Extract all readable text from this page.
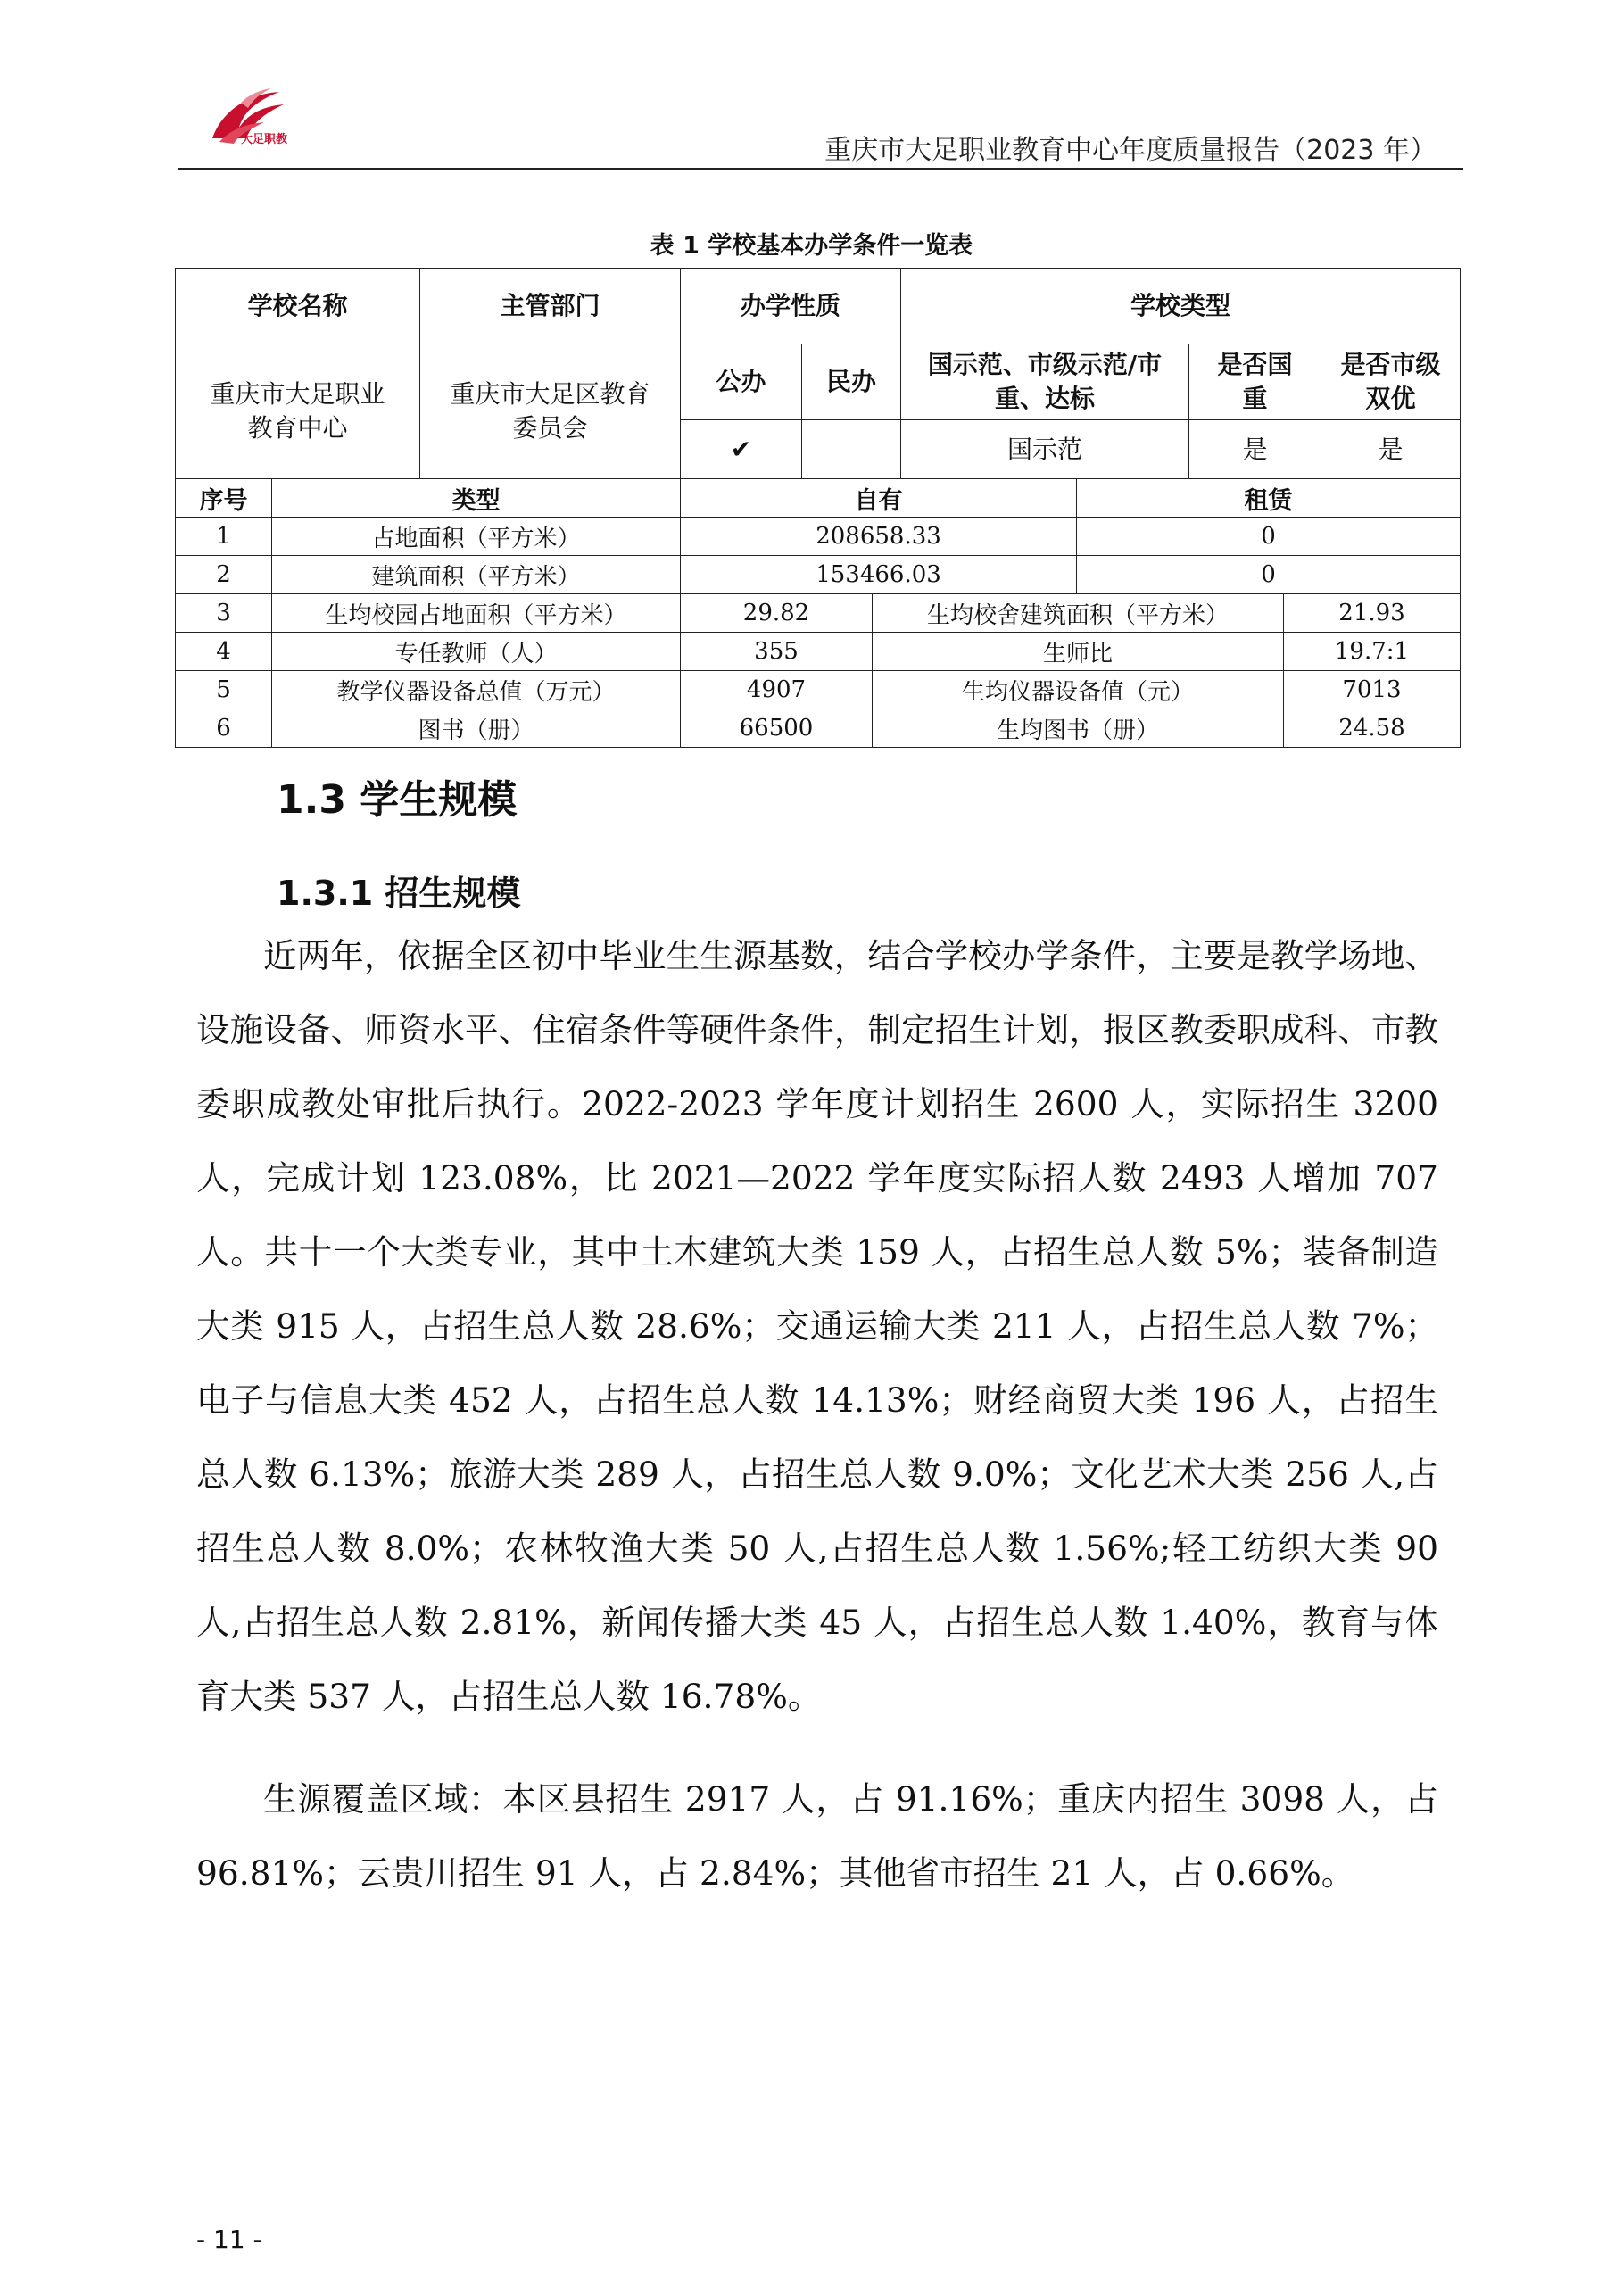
大足职教	重庆市大足职业教育中心年度质量报告（2023 年）
表 1 学校基本办学条件一览表
学校名称	主管部门	办学性质		学校类型		
重庆市大足职业教育中心	重庆市大足区教育委员会	公办	民办	国示范、市级示范/市重、达标	是否国重	是否市级双优
		✔		国示范	是	是
序号	类型	自有		租赁	
1	占地面积（平方米）	208658.33		0	
2	建筑面积（平方米）	153466.03		0	
3	生均校园占地面积（平方米）	29.82	生均校舍建筑面积（平方米）		21.93
4	专任教师（人）	355	生师比		19.7:1
5	教学仪器设备总值（万元）	4907	生均仪器设备值（元）		7013
6	图书（册）	66500	生均图书（册）		24.58
1.3 学生规模
1.3.1 招生规模

近两年，依据全区初中毕业生生源基数，结合学校办学条件，主要是教学场地、设施设备、师资水平、住宿条件等硬件条件，制定招生计划，报区教委职成科、市教委职成教处审批后执行。2022-2023 学年度计划招生 2600 人，实际招生 3200 人，完成计划 123.08%，比 2021—2022 学年度实际招人数 2493 人增加 707 人。共十一个大类专业，其中土木建筑大类 159 人，占招生总人数 5%；装备制造大类 915 人，占招生总人数 28.6%；交通运输大类 211 人，占招生总人数 7%；电子与信息大类 452 人，占招生总人数 14.13%；财经商贸大类 196 人，占招生总人数 6.13%；旅游大类 289 人，占招生总人数 9.0%；文化艺术大类 256 人,占招生总人数 8.0%；农林牧渔大类 50 人,占招生总人数 1.56%;轻工纺织大类 90 人,占招生总人数 2.81%，新闻传播大类 45 人，占招生总人数 1.40%，教育与体育大类 537 人，占招生总人数 16.78%。

生源覆盖区域：本区县招生 2917 人，占 91.16%；重庆内招生 3098 人，占 96.81%；云贵川招生 91 人，占 2.84%；其他省市招生 21 人，占 0.66%。

- 11 -
